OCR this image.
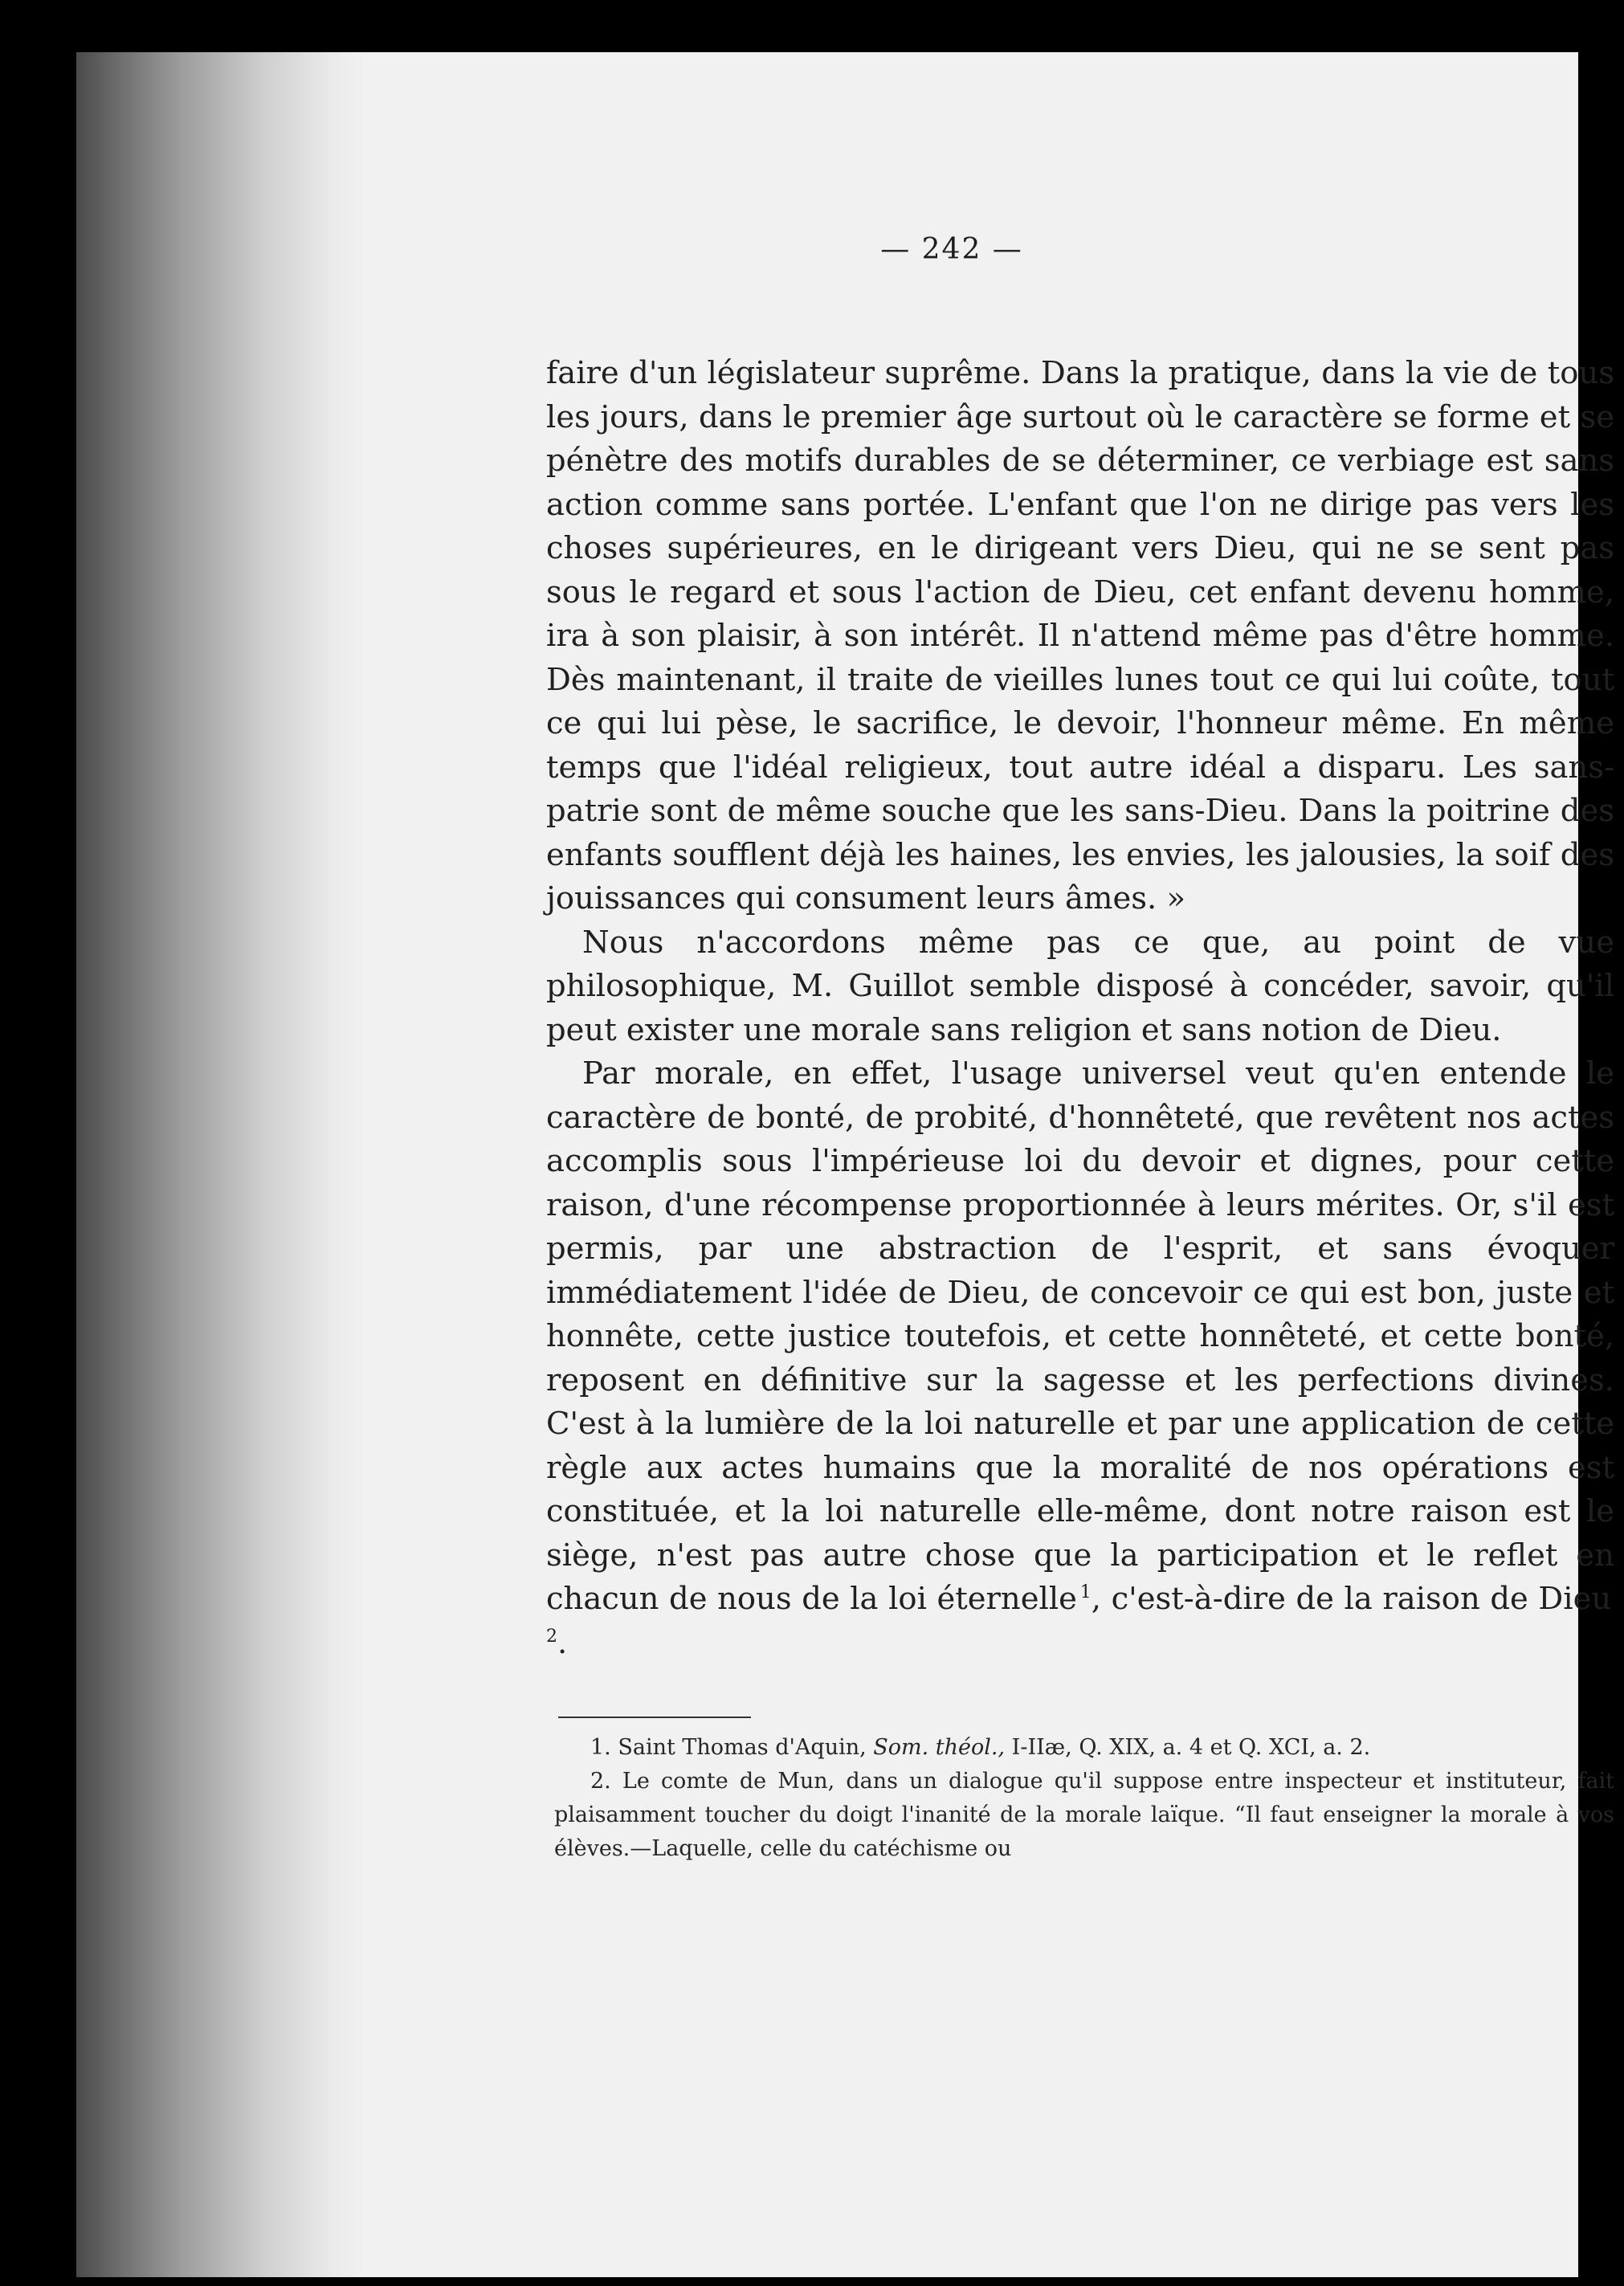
— 242 —

faire d'un législateur suprême. Dans la pratique, dans la vie de tous les jours, dans le premier âge surtout où le caractère se forme et se pénètre des motifs durables de se déterminer, ce verbiage est sans action comme sans portée. L'enfant que l'on ne dirige pas vers les choses supérieures, en le dirigeant vers Dieu, qui ne se sent pas sous le regard et sous l'action de Dieu, cet enfant devenu homme, ira à son plaisir, à son intérêt. Il n'attend même pas d'être homme. Dès maintenant, il traite de vieilles lunes tout ce qui lui coûte, tout ce qui lui pèse, le sacrifice, le devoir, l'honneur même. En même temps que l'idéal religieux, tout autre idéal a disparu. Les sans-patrie sont de même souche que les sans-Dieu. Dans la poitrine des enfants soufflent déjà les haines, les envies, les jalousies, la soif des jouissances qui consument leurs âmes. »

Nous n'accordons même pas ce que, au point de vue philosophique, M. Guillot semble disposé à concéder, savoir, qu'il peut exister une morale sans religion et sans notion de Dieu.

Par morale, en effet, l'usage universel veut qu'en entende le caractère de bonté, de probité, d'honnêteté, que revêtent nos actes accomplis sous l'impérieuse loi du devoir et dignes, pour cette raison, d'une récompense proportionnée à leurs mérites. Or, s'il est permis, par une abstraction de l'esprit, et sans évoquer immédiatement l'idée de Dieu, de concevoir ce qui est bon, juste et honnête, cette justice toutefois, et cette honnêteté, et cette bonté, reposent en définitive sur la sagesse et les perfections divines. C'est à la lumière de la loi naturelle et par une application de cette règle aux actes humains que la moralité de nos opérations est constituée, et la loi naturelle elle-même, dont notre raison est le siège, n'est pas autre chose que la participation et le reflet en chacun de nous de la loi éternelle  $^1$, c'est-à-dire de la raison de Dieu $^2$.

1. Saint Thomas d'Aquin, Som. théol., I-IIæ, Q. XIX, a. 4 et Q. XCI, a. 2.

2. Le comte de Mun, dans un dialogue qu'il suppose entre inspecteur et instituteur, fait plaisamment toucher du doigt l'inanité de la morale laïque. “Il faut enseigner la morale à vos élèves.—Laquelle, celle du catéchisme ou
